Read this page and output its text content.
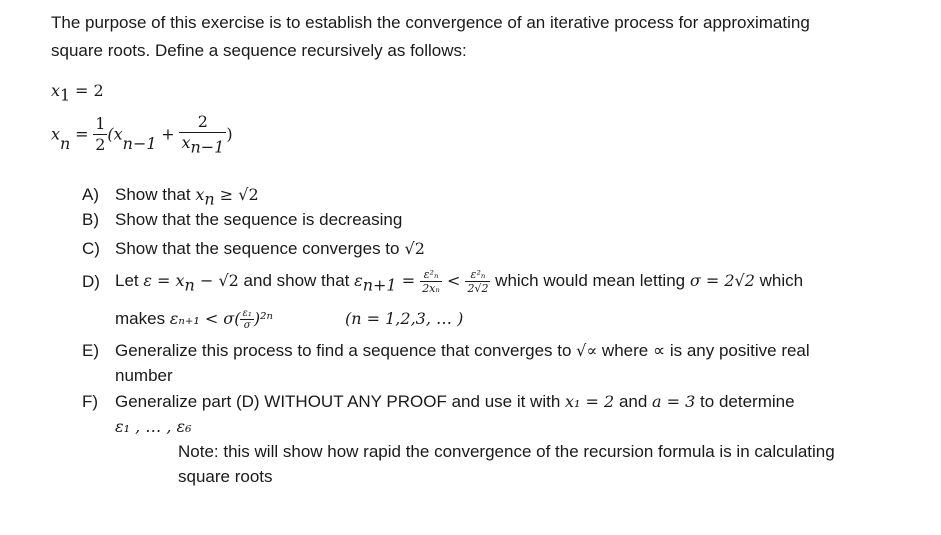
The purpose of this exercise is to establish the convergence of an iterative process for approximating
square roots. Define a sequence recursively as follows:
$x_1 = 2$
$x_n = \frac{1}{2} (x_{n-1} + \frac{2}{x_{n-1}}$ )
A) Show that $x_n \ge √2$
B) Show that the sequence is decreasing
C) Show that the sequence converges to √2
D) Let $\varepsilon = x_n - √2$ and show that $\varepsilon_{n+1} = \frac{\text{ε²ₙ}}{\text{2xₙ}} < \frac{\text{ε²ₙ}}{2√2}$ which would mean letting σ = 2√2 which
makes $\varepsilon_{n+1} < \sigma( \frac{\text{ε₁}}{\sigma} )^{2n}$	(n = 1,2,3, … )
E) Generalize this process to find a sequence that converges to √∝ where ∝ is any positive real
number
F) Generalize part (D) WITHOUT ANY PROOF and use it with x₁ = 2 and a = 3 to determine
ε₁ , … , ε₆
Note: this will show how rapid the convergence of the recursion formula is in calculating
square roots
